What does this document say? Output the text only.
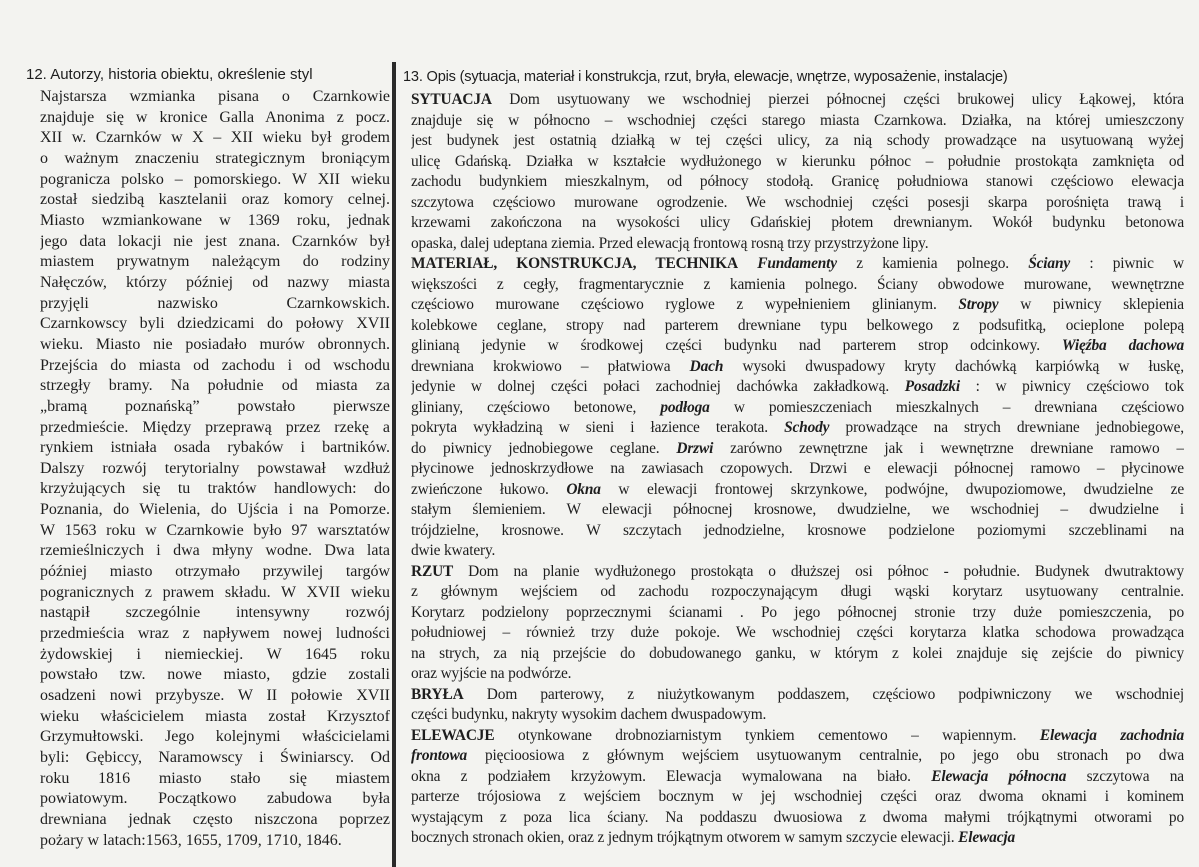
12. Autorzy, historia obiektu, określenie styl	13. Opis (sytuacja, materiał i konstrukcja, rzut, bryła, elewacje, wnętrze, wyposażenie, instalacje)
Najstarsza wzmianka pisana o Czarnkowie
znajduje się w kronice Galla Anonima z pocz.
XII w. Czarnków w X – XII wieku był grodem
o ważnym znaczeniu strategicznym broniącym
pogranicza polsko – pomorskiego. W XII wieku
został siedzibą kasztelanii oraz komory celnej.
Miasto wzmiankowane w 1369 roku, jednak
jego data lokacji nie jest znana. Czarnków był
miastem prywatnym należącym do rodziny
Nałęczów, którzy później od nazwy miasta
przyjęli nazwisko Czarnkowskich.
Czarnkowscy byli dziedzicami do połowy XVII
wieku. Miasto nie posiadało murów obronnych.
Przejścia do miasta od zachodu i od wschodu
strzegły bramy. Na południe od miasta za
„bramą poznańską” powstało pierwsze
przedmieście. Między przeprawą przez rzekę a
rynkiem istniała osada rybaków i bartników.
Dalszy rozwój terytorialny powstawał wzdłuż
krzyżujących się tu traktów handlowych: do
Poznania, do Wielenia, do Ujścia i na Pomorze.
W 1563 roku w Czarnkowie było 97 warsztatów
rzemieślniczych i dwa młyny wodne. Dwa lata
później miasto otrzymało przywilej targów
pogranicznych z prawem składu. W XVII wieku
nastąpił szczególnie intensywny rozwój
przedmieścia wraz z napływem nowej ludności
żydowskiej i niemieckiej. W 1645 roku
powstało tzw. nowe miasto, gdzie zostali
osadzeni nowi przybysze. W II połowie XVII
wieku właścicielem miasta został Krzysztof
Grzymułtowski. Jego kolejnymi właścicielami
byli: Gębiccy, Naramowscy i Świniarscy. Od
roku 1816 miasto stało się miastem
powiatowym. Początkowo zabudowa była
drewniana jednak często niszczona poprzez
pożary w latach:1563, 1655, 1709, 1710, 1846.
SYTUACJA Dom usytuowany we wschodniej pierzei północnej części brukowej ulicy Łąkowej, która
znajduje się w północno – wschodniej części starego miasta Czarnkowa. Działka, na której umieszczony
jest budynek jest ostatnią działką w tej części ulicy, za nią schody prowadzące na usytuowaną wyżej
ulicę Gdańską. Działka w kształcie wydłużonego w kierunku północ – południe prostokąta zamknięta od
zachodu budynkiem mieszkalnym, od północy stodołą. Granicę południowa stanowi częściowo elewacja
szczytowa częściowo murowane ogrodzenie. We wschodniej części posesji skarpa porośnięta trawą i
krzewami zakończona na wysokości ulicy Gdańskiej płotem drewnianym. Wokół budynku betonowa
opaska, dalej udeptana ziemia. Przed elewacją frontową rosną trzy przystrzyżone lipy.
MATERIAŁ, KONSTRUKCJA, TECHNIKA Fundamenty z kamienia polnego. Ściany : piwnic w
większości z cegły, fragmentarycznie z kamienia polnego. Ściany obwodowe murowane, wewnętrzne
częściowo murowane częściowo ryglowe z wypełnieniem glinianym. Stropy w piwnicy sklepienia
kolebkowe ceglane, stropy nad parterem drewniane typu belkowego z podsufitką, ocieplone polepą
glinianą jedynie w środkowej części budynku nad parterem strop odcinkowy. Więźba dachowa
drewniana krokwiowo – płatwiowa Dach wysoki dwuspadowy kryty dachówką karpiówką w łuskę,
jedynie w dolnej części połaci zachodniej dachówka zakładkową. Posadzki : w piwnicy częściowo tok
gliniany, częściowo betonowe, podłoga w pomieszczeniach mieszkalnych – drewniana częściowo
pokryta wykładziną w sieni i łazience terakota. Schody prowadzące na strych drewniane jednobiegowe,
do piwnicy jednobiegowe ceglane. Drzwi zarówno zewnętrzne jak i wewnętrzne drewniane ramowo –
płycinowe jednoskrzydłowe na zawiasach czopowych. Drzwi e elewacji północnej ramowo – płycinowe
zwieńczone łukowo. Okna w elewacji frontowej skrzynkowe, podwójne, dwupoziomowe, dwudzielne ze
stałym ślemieniem. W elewacji północnej krosnowe, dwudzielne, we wschodniej – dwudzielne i
trójdzielne, krosnowe. W szczytach jednodzielne, krosnowe podzielone poziomymi szczeblinami na
dwie kwatery.
RZUT Dom na planie wydłużonego prostokąta o dłuższej osi północ - południe. Budynek dwutraktowy
z głównym wejściem od zachodu rozpoczynającym długi wąski korytarz usytuowany centralnie.
Korytarz podzielony poprzecznymi ścianami . Po jego północnej stronie trzy duże pomieszczenia, po
południowej – również trzy duże pokoje. We wschodniej części korytarza klatka schodowa prowadząca
na strych, za nią przejście do dobudowanego ganku, w którym z kolei znajduje się zejście do piwnicy
oraz wyjście na podwórze.
BRYŁA Dom parterowy, z niużytkowanym poddaszem, częściowo podpiwniczony we wschodniej
części budynku, nakryty wysokim dachem dwuspadowym.
ELEWACJE otynkowane drobnoziarnistym tynkiem cementowo – wapiennym. Elewacja zachodnia
frontowa pięcioosiowa z głównym wejściem usytuowanym centralnie, po jego obu stronach po dwa
okna z podziałem krzyżowym. Elewacja wymalowana na biało. Elewacja północna szczytowa na
parterze trójosiowa z wejściem bocznym w jej wschodniej części oraz dwoma oknami i kominem
wystającym z poza lica ściany. Na poddaszu dwuosiowa z dwoma małymi trójkątnymi otworami po
bocznych stronach okien, oraz z jednym trójkątnym otworem w samym szczycie elewacji. Elewacja
